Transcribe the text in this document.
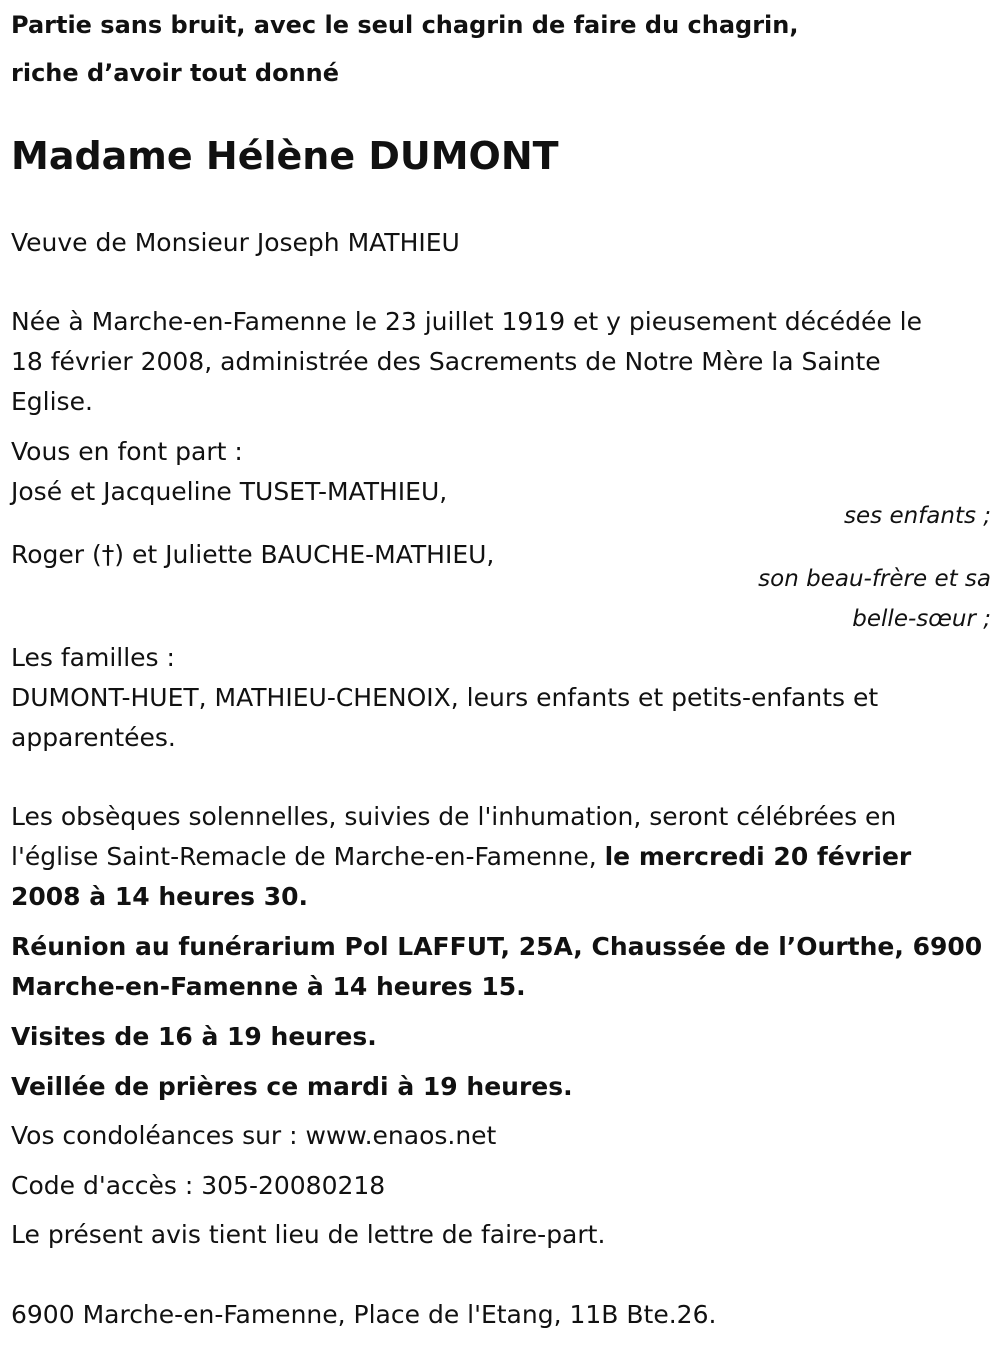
Partie sans bruit, avec le seul chagrin de faire du chagrin,
riche d’avoir tout donné
Madame Hélène DUMONT
Veuve de Monsieur Joseph MATHIEU
Née à Marche-en-Famenne le 23 juillet 1919 et y pieusement décédée le
18 février 2008, administrée des Sacrements de Notre Mère la Sainte
Eglise.
Vous en font part :
José et Jacqueline TUSET-MATHIEU,
ses enfants ;
Roger (†) et Juliette BAUCHE-MATHIEU,
son beau-frère et sa
belle-sœur ;
Les familles :
DUMONT-HUET, MATHIEU-CHENOIX, leurs enfants et petits-enfants et
apparentées.
Les obsèques solennelles, suivies de l'inhumation, seront célébrées en
l'église Saint-Remacle de Marche-en-Famenne, le mercredi 20 février
2008 à 14 heures 30.
Réunion au funérarium Pol LAFFUT, 25A, Chaussée de l’Ourthe, 6900
Marche-en-Famenne à 14 heures 15.
Visites de 16 à 19 heures.
Veillée de prières ce mardi à 19 heures.
Vos condoléances sur : www.enaos.net
Code d'accès : 305-20080218
Le présent avis tient lieu de lettre de faire-part.
6900 Marche-en-Famenne, Place de l'Etang, 11B Bte.26.
